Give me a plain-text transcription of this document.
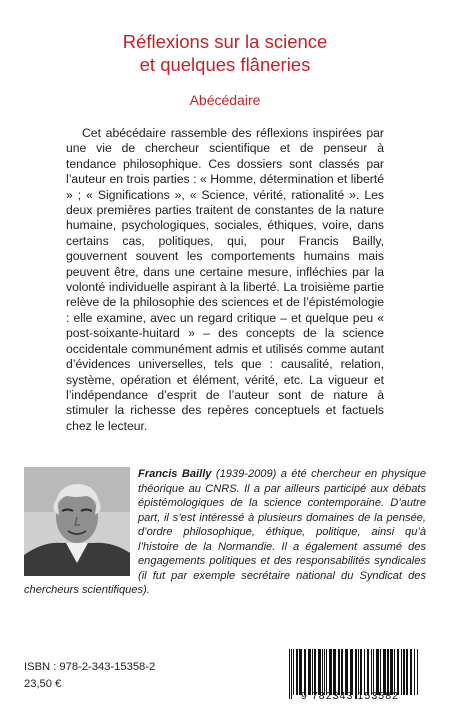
Réflexions sur la science
et quelques flâneries

Abécédaire

Cet abécédaire rassemble des réflexions inspirées par une vie de chercheur scientifique et de penseur à tendance philosophique. Ces dossiers sont classés par l’auteur en trois parties : « Homme, détermination et liberté » ; « Significations », « Science, vérité, rationalité ». Les deux premières parties traitent de constantes de la nature humaine, psychologiques, sociales, éthiques, voire, dans certains cas, politiques, qui, pour Francis Bailly, gouvernent souvent les comportements humains mais peuvent être, dans une certaine mesure, infléchies par la volonté individuelle aspirant à la liberté. La troisième partie relève de la philosophie des sciences et de l’épistémologie : elle examine, avec un regard critique – et quelque peu « post-soixante-huitard » – des concepts de la science occidentale communément admis et utilisés comme autant d’évidences universelles, tels que : causalité, relation, système, opération et élément, vérité, etc. La vigueur et l’indépendance d’esprit de l’auteur sont de nature à stimuler la richesse des repères conceptuels et factuels chez le lecteur.

Francis Bailly (1939-2009) a été chercheur en physique théorique au CNRS. Il a par ailleurs participé aux débats épistémologiques de la science contemporaine. D’autre part, il s’est intéressé à plusieurs domaines de la pensée, d’ordre philosophique, éthique, politique, ainsi qu’à l’histoire de la Normandie. Il a également assumé des engagements politiques et des responsabilités syndicales (il fut par exemple secrétaire national du Syndicat des chercheurs scientifiques).

ISBN : 978-2-343-15358-2

23,50 €

9 782343 153582
